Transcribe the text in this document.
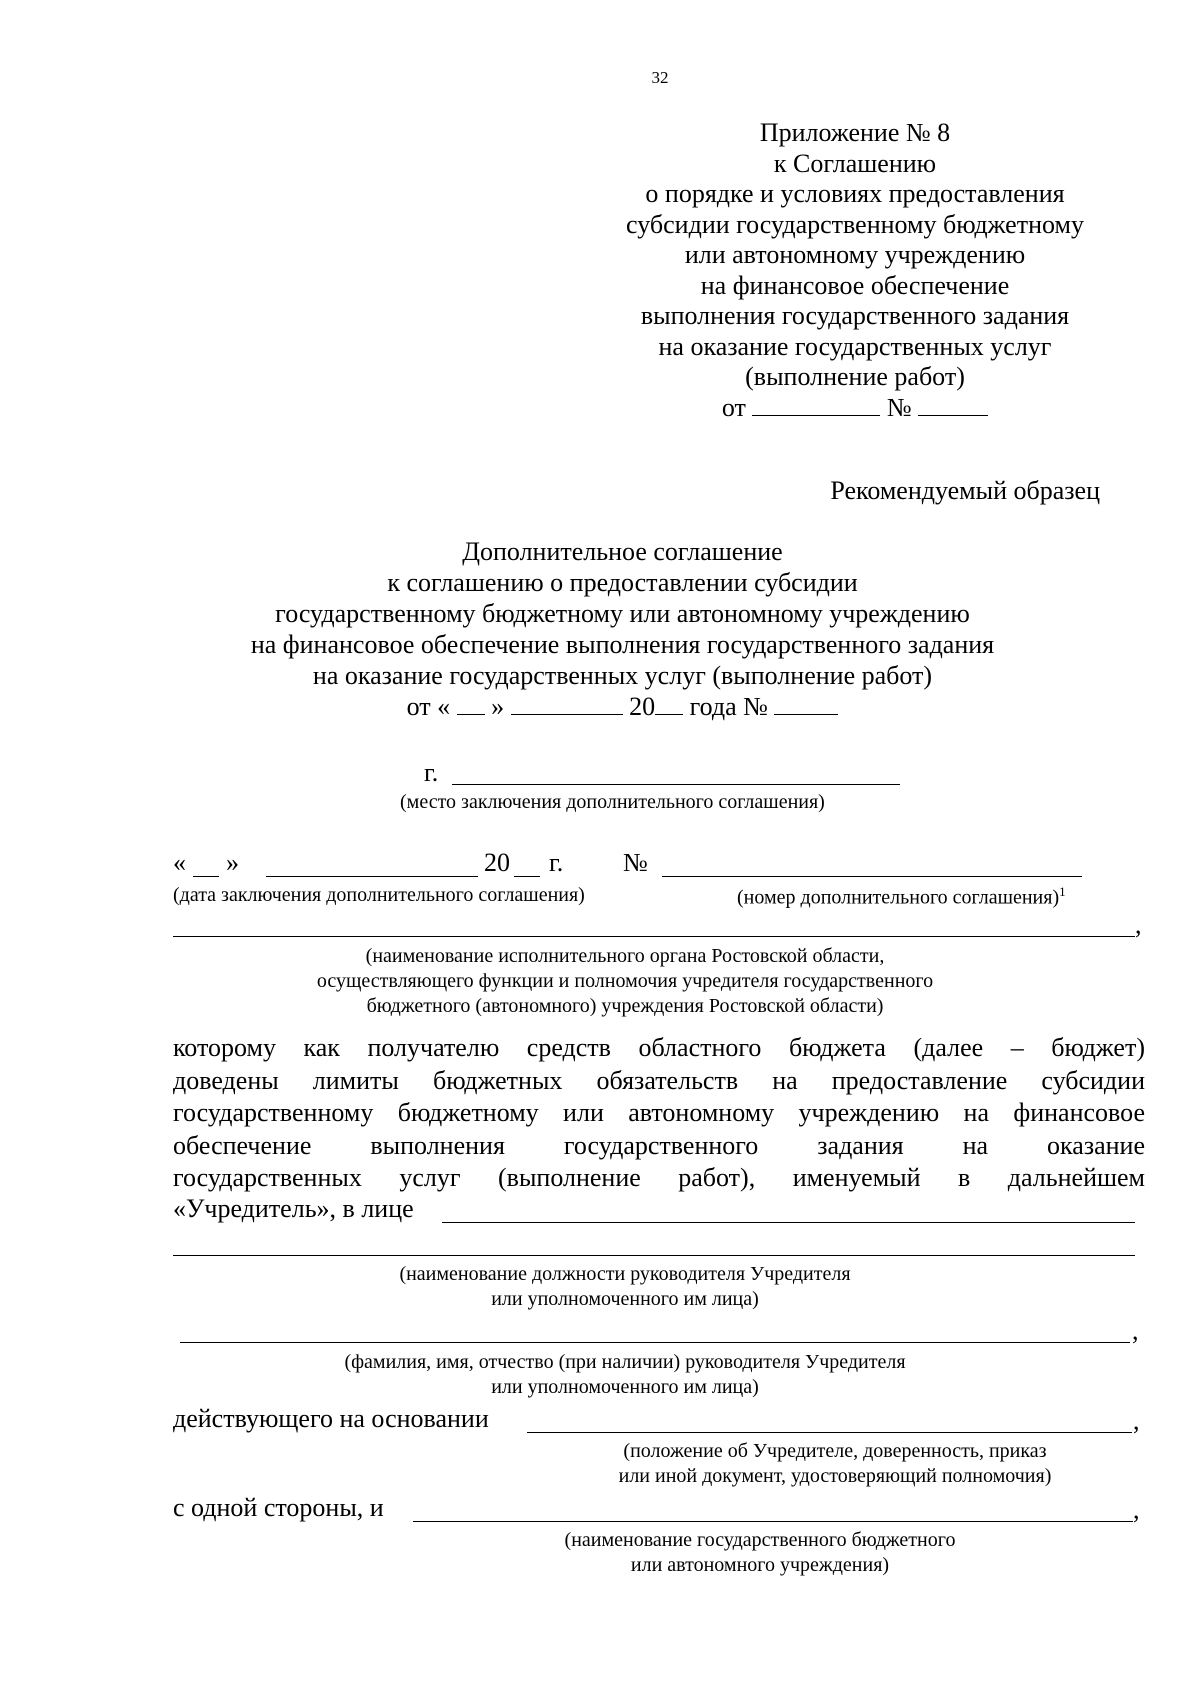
32
Приложение № 8
к Соглашению
о порядке и условиях предоставления
субсидии государственному бюджетному
или автономному учреждению
на финансовое обеспечение
выполнения государственного задания
на оказание государственных услуг
(выполнение работ)
от	№
Рекомендуемый образец
Дополнительное соглашение
к соглашению о предоставлении субсидии
государственному бюджетному или автономному учреждению
на финансовое обеспечение выполнения государственного задания
на оказание государственных услуг (выполнение работ)
от « »	20 года №
г.
(место заключения дополнительного соглашения)
« »	20 г. №
(дата заключения дополнительного соглашения)	(номер дополнительного соглашения)$^1$
,
(наименование исполнительного органа Ростовской области,
осуществляющего функции и полномочия учредителя государственного
бюджетного (автономного) учреждения Ростовской области)
которому как получателю средств областного бюджета (далее – бюджет)
доведены лимиты бюджетных обязательств на предоставление субсидии
государственному бюджетному или автономному учреждению на финансовое
обеспечение выполнения государственного задания на оказание
государственных услуг (выполнение работ), именуемый в дальнейшем
«Учредитель», в лице
(наименование должности руководителя Учредителя
или уполномоченного им лица)
,
(фамилия, имя, отчество (при наличии) руководителя Учредителя
или уполномоченного им лица)
действующего на основании	,
(положение об Учредителе, доверенность, приказ
или иной документ, удостоверяющий полномочия)
с одной стороны, и	,
(наименование государственного бюджетного
или автономного учреждения)
